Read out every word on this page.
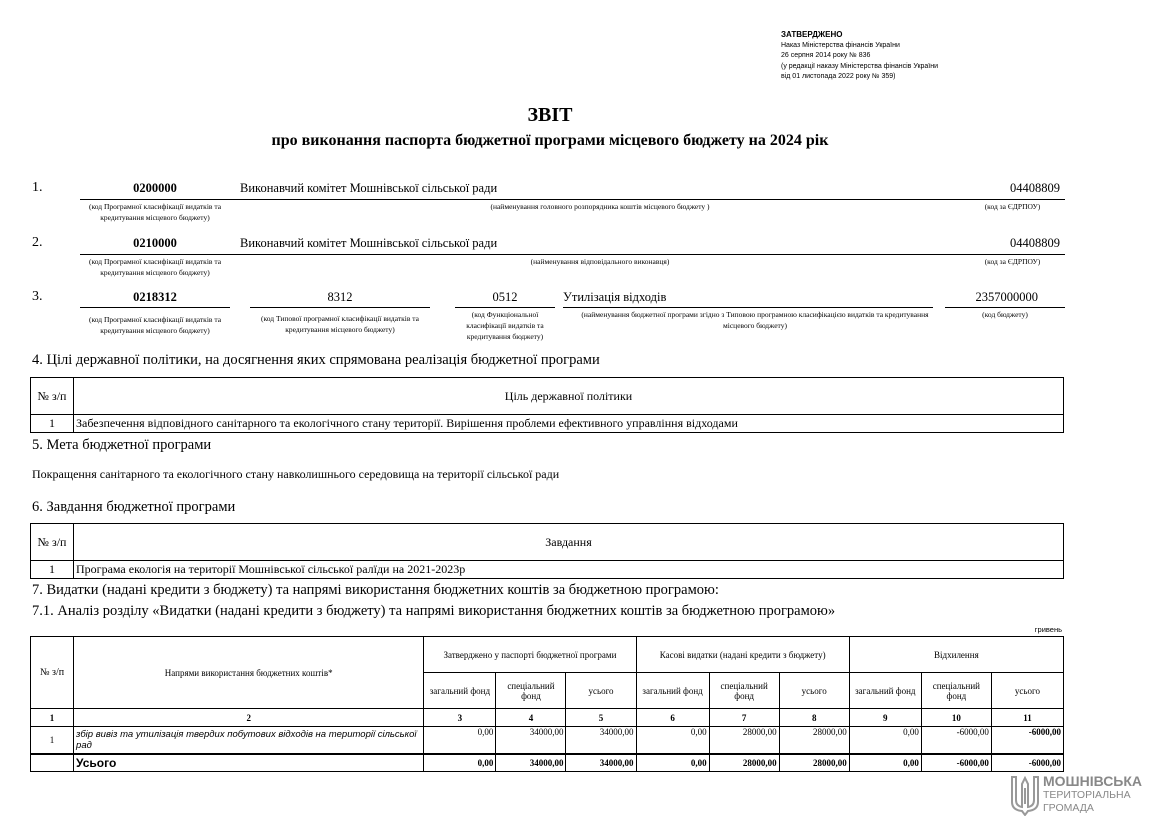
ЗАТВЕРДЖЕНО
Наказ Міністерства фінансів України
26 серпня 2014 року № 836
(у редакції наказу Міністерства фінансів України
від 01 листопада 2022 року № 359)
ЗВІТ
про виконання паспорта бюджетної програми місцевого бюджету на 2024 рік
1.	0200000	Виконавчий комітет Мошнівської сільської ради	04408809
(код Програмної класифікації видатків та кредитування місцевого бюджету)
(найменування головного розпорядника коштів місцевого бюджету )	(код за ЄДРПОУ)
2.	0210000	Виконавчий комітет Мошнівської сільської ради	04408809
(код Програмної класифікації видатків та кредитування місцевого бюджету)
(найменування відповідального виконавця)	(код за ЄДРПОУ)
3.	0218312	8312	0512	Утилізація відходів	2357000000
(код Програмної класифікації видатків та кредитування місцевого бюджету)
(код Типової програмної класифікації видатків та кредитування місцевого бюджету)
(код Функціональної класифікації видатків та кредитування бюджету)
(найменування бюджетної програми згідно з Типовою програмною класифікацією видатків та кредитування місцевого бюджету)
(код бюджету)
4. Цілі державної політики, на досягнення яких спрямована реалізація бюджетної програми
№ з/п	Ціль державної політики
1	Забезпечення відповідного санітарного та екологічного стану території. Вирішення проблеми ефективного управління відходами
5. Мета бюджетної програми
Покращення санітарного та екологічного стану навколишнього середовища на території сільської ради
6. Завдання бюджетної програми
№ з/п	Завдання
1	Програма екологія на території Мошнівської сільської ралїди на 2021-2023р
7. Видатки (надані кредити з бюджету) та напрямі використання бюджетних коштів за бюджетною програмою:
7.1. Аналіз розділу «Видатки (надані кредити з бюджету) та напрямі використання бюджетних коштів за бюджетною програмою»
гривень
№ з/п	Напрями використання бюджетних коштів*	Затверджено у паспорті бюджетної програми			Касові видатки (надані кредити з бюджету)			Відхилення		
		загальний фонд	спеціальний фонд	усього	загальний фонд	спеціальний фонд	усього	загальний фонд	спеціальний фонд	усього
1	2	3	4	5	6	7	8	9	10	11
1	збір вивіз та утилізація твердих побутових відходів на території сільської рад	0,00	34000,00	34000,00	0,00	28000,00	28000,00	0,00	-6000,00	-6000,00
	Усього	0,00	34000,00	34000,00	0,00	28000,00	28000,00	0,00	-6000,00	-6000,00
МОШНІВСЬКА
ТЕРИТОРІАЛЬНА
ГРОМАДА
